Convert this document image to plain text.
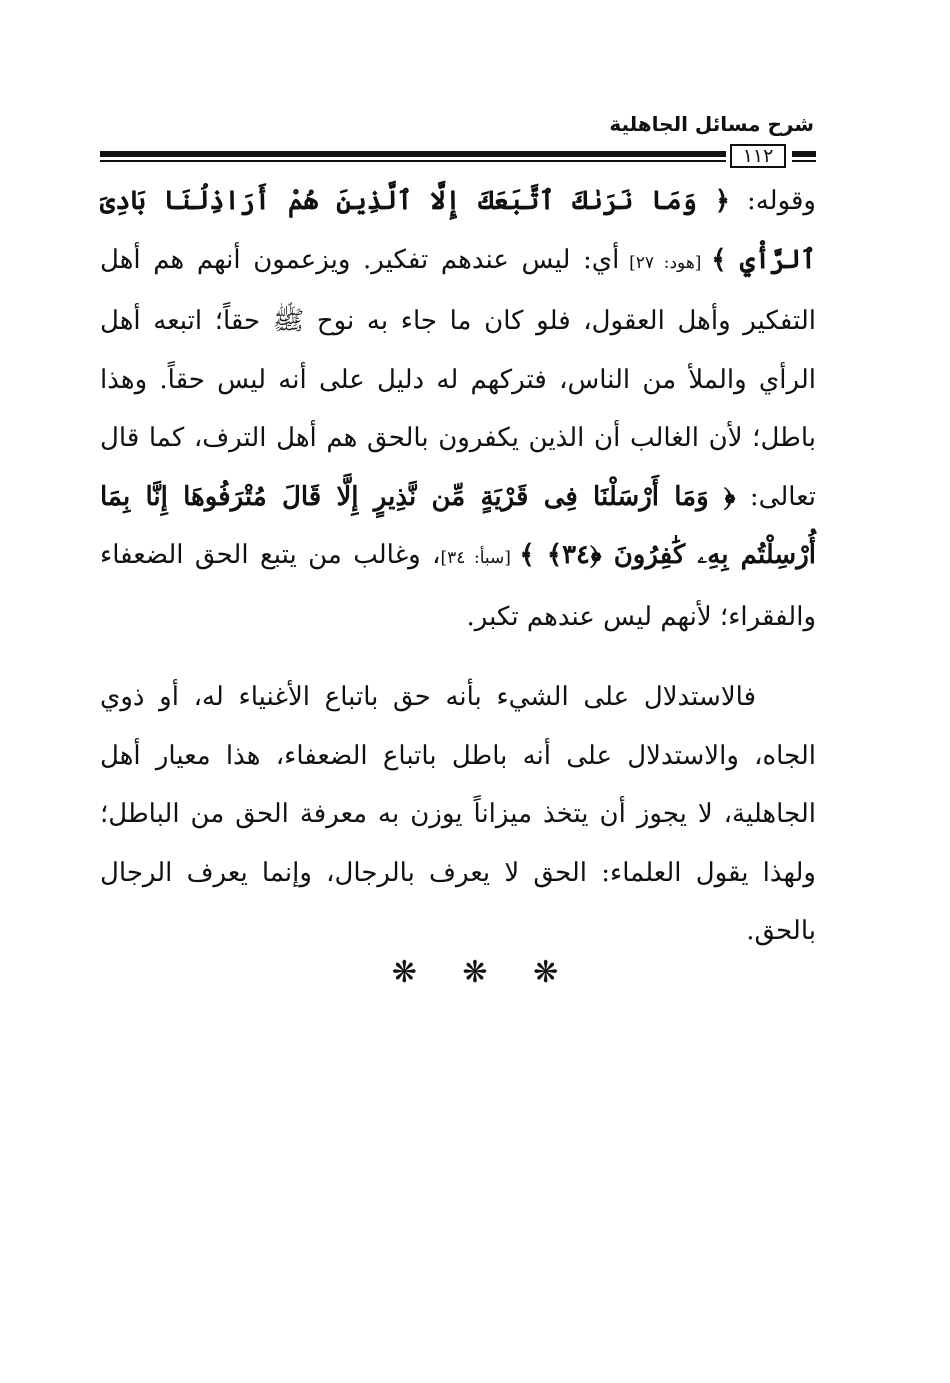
شرح مسائل الجاهلية
١١٢

وقوله: ﴿ وَمَا نَرَىٰكَ ٱتَّبَعَكَ إِلَّا ٱلَّذِينَ هُمْ أَرَاذِلُنَا بَادِىَ ٱلرَّأْيِ ﴾ [هود: ٢٧] أي: ليس عندهم تفكير. ويزعمون أنهم هم أهل التفكير وأهل العقول، فلو كان ما جاء به نوح ﷺ حقاً؛ اتبعه أهل الرأي والملأ من الناس، فتركهم له دليل على أنه ليس حقاً. وهذا باطل؛ لأن الغالب أن الذين يكفرون بالحق هم أهل الترف، كما قال تعالى: ﴿ وَمَا أَرْسَلْنَا فِى قَرْيَةٍ مِّن نَّذِيرٍ إِلَّا قَالَ مُتْرَفُوهَا إِنَّا بِمَا أُرْسِلْتُم بِهِۦ كَٰفِرُونَ ﴿٣٤﴾ ﴾ [سبأ: ٣٤]، وغالب من يتبع الحق الضعفاء والفقراء؛ لأنهم ليس عندهم تكبر.

فالاستدلال على الشيء بأنه حق باتباع الأغنياء له، أو ذوي الجاه، والاستدلال على أنه باطل باتباع الضعفاء، هذا معيار أهل الجاهلية، لا يجوز أن يتخذ ميزاناً يوزن به معرفة الحق من الباطل؛ ولهذا يقول العلماء: الحق لا يعرف بالرجال، وإنما يعرف الرجال بالحق.

❋ ❋ ❋
